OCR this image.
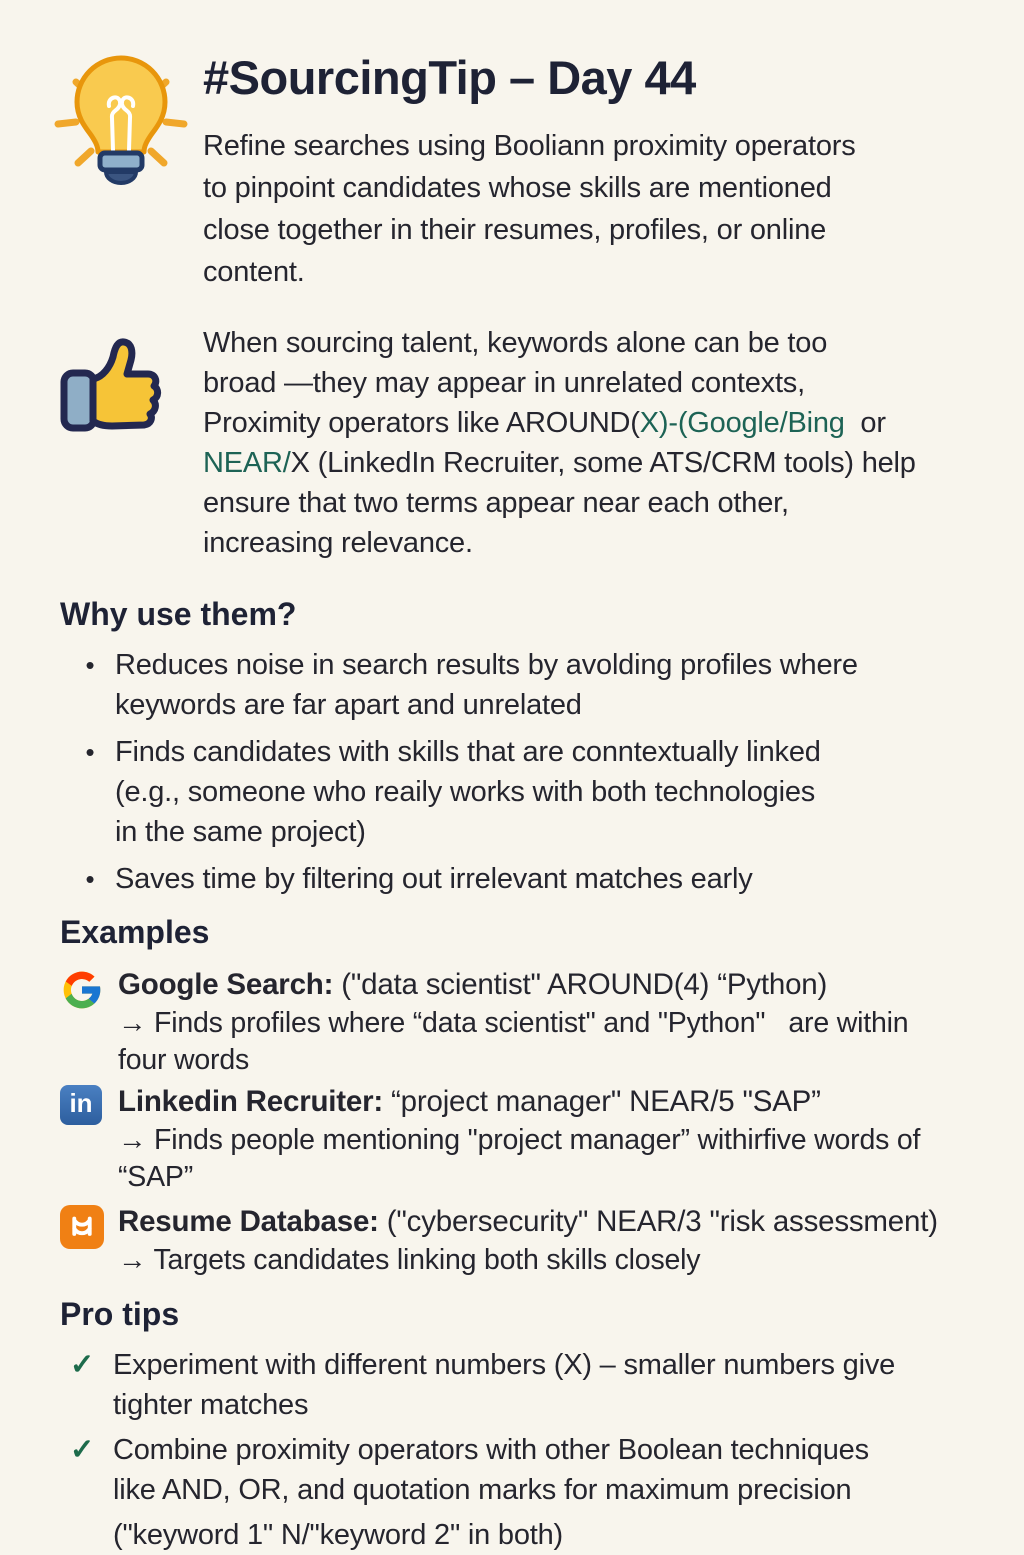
#SourcingTip – Day 44
Refine searches using Booliann proximity operators
to pinpoint candidates whose skills are mentioned
close together in their resumes, profiles, or online
content.
When sourcing talent, keywords alone can be too
broad —they may appear in unrelated contexts,
Proximity operators like AROUND(X)-(Google/Bing  or
NEAR/X (LinkedIn Recruiter, some ATS/CRM tools) help
ensure that two terms appear near each other,
increasing relevance.
Why use them?
• Reduces noise in search results by avolding profiles where
keywords are far apart and unrelated
• Finds candidates with skills that are conntextually linked
(e.g., someone who reaily works with both technologies
in the same project)
• Saves time by filtering out irrelevant matches early
Examples
Google Search: ("data scientist" AROUND(4) “Python)
→ Finds profiles where “data scientist" and "Python"   are within
four words
in Linkedin Recruiter: “project manager" NEAR/5 "SAP”
→ Finds people mentioning "project manager” withirfive words of
“SAP”
Resume Database: ("cybersecurity" NEAR/3 "risk assessment)
→ Targets candidates linking both skills closely
Pro tips
✓ Experiment with different numbers (X) – smaller numbers give
tighter matches
✓ Combine proximity operators with other Boolean techniques
like AND, OR, and quotation marks for maximum precision
("keyword 1" N/"keyword 2" in both)
